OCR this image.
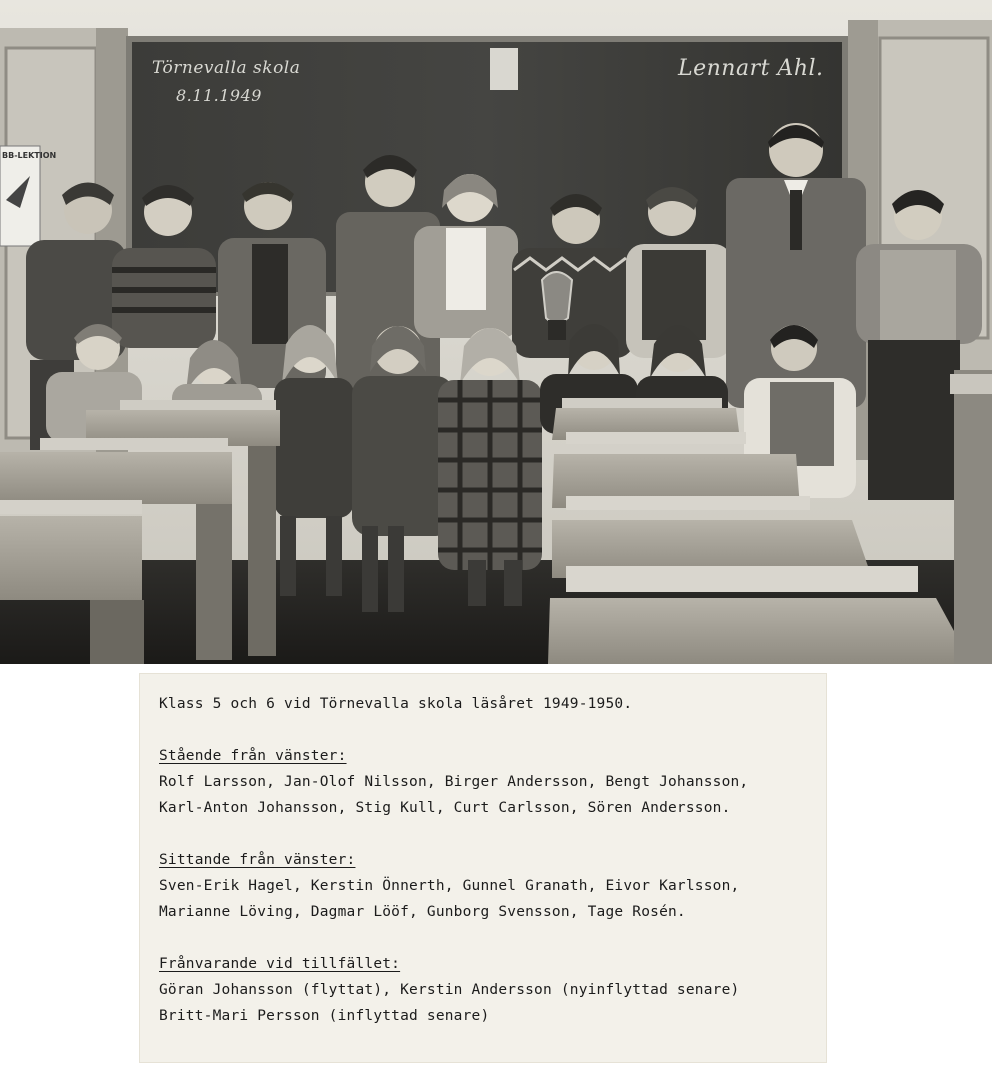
BB-LEKTION
Törnevalla skola
8.11.1949
Lennart Ahl.
Klass 5 och 6 vid Törnevalla skola läsåret 1949-1950.
Stående från vänster:
Rolf Larsson, Jan-Olof Nilsson, Birger Andersson, Bengt Johansson,
Karl-Anton Johansson, Stig Kull, Curt Carlsson, Sören Andersson.
Sittande från vänster:
Sven-Erik Hagel, Kerstin Önnerth, Gunnel Granath, Eivor Karlsson,
Marianne Löving, Dagmar Lööf, Gunborg Svensson, Tage Rosén.
Frånvarande vid tillfället:
Göran Johansson (flyttat), Kerstin Andersson (nyinflyttad senare)
Britt-Mari Persson (inflyttad senare)
